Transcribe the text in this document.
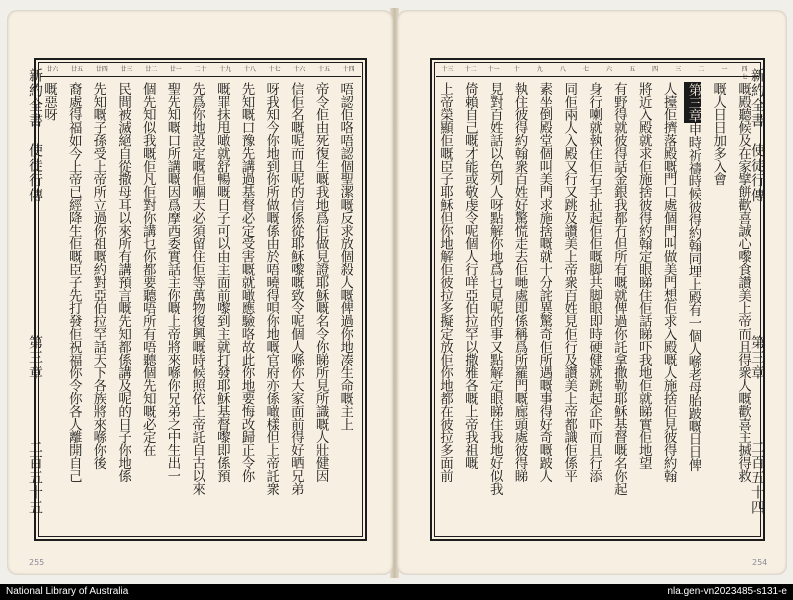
新約全書　使徒行傳
第三章
二百五十五
十四
十五
十六
十七
十八
十九
二十
廿一
廿二
廿三
廿四
廿五
廿六
唔認佢咯唔認個聖潔嘅反求放個殺人嘅俾過你地凑生命嘅主上
帝令佢由死復生嘅我地爲佢做見證耶穌嘅名令你睇所見所識嘅人壯健因
信佢名嘅呢而且呢的信係從耶穌嚟嘅致令呢個人喺你大家面前得好晒兄弟
呀我知今你地到你所做嘅係由於唔曉得唄你地嘅官府亦係噉樣但上帝託衆
先知嘅口豫先講過基督必定受害嘅就噉應驗咯故此你地要悔改歸正令你
嘅罪抹甩噉就舒暢嘅日子可以由主面前嚟到主就打發耶穌基督嚟即係預
先爲你地設定嘅佢嗰天必須留住佢等萬物復興嘅時候照依上帝託自古以來
聖先知嘅口所講嘅因爲摩西委實話主你嘅上帝將來喺你兄弟之中生出一
個先知似我嘅佢凡佢對你講乜你都要聽唔所有唔聽個先知嘅必定在
民間被滅絕自從撒母耳以來所有講預言嘅先知都係講及呢的日子你地係
先知嘅子孫受上帝所立過你祖嘅約對亞伯拉罕話天下各族將來喺你後
裔處得福如今上帝已經降生佢嘅臣子先打發佢祝福你令你各人離開自己
嘅惡呀
255
新約全書　使徒行傳
第三章
二百五十四
四七
一
二
三
四
五
六
七
八
九
十
十一
十二
十三
嘅殿聽候及在家擘餅歡喜誠心嚟食讚美上帝而且得衆人嘅歡喜主搣得救
嘅人日日加多入會
第三章申時祈禱時候彼得約翰同埋上殿有一個人喺老母胎跛嘅日日俾
人擡佢擠落殿嘅門口處個門叫做美門想佢求入殿嘅人施捨佢見彼得約翰
將近入殿就求佢施捨彼得約翰定眼睇住佢話睇吓我地佢就睇實佢地望
有野得就彼得話金銀我都冇但所有嘅就俾過你託拿撒勒耶穌基督嘅名你起
身行喇就執住佢右手扯起佢佢嘅脚共脚眼即時硬健就跳起企吓而且行添
同佢兩人入殿又行又跳及讚美上帝衆百姓見佢行及讚美上帝都識佢係平
素坐倒殿堂個叫美門求施捨嘅就十分詫異驚奇佢所遇嘅事得好奇嘅跛人
執住彼得約翰衆百姓好驚慌走去佢哋處即係稱爲所羅門嘅廊頭處彼得睇
見對百姓話以色列人呀點解你地爲乜見呢的事又點解定眼睇住我地好似我
倚賴自己嘅才能或敬虔令呢個人行咩亞伯拉罕以撒雅各嘅上帝我祖嘅
上帝榮顯佢嘅臣子耶穌但你地解佢彼拉多擬定放佢你地都在彼拉多面前
254
National Library of Australia	nla.gen-vn2023485-s131-e
